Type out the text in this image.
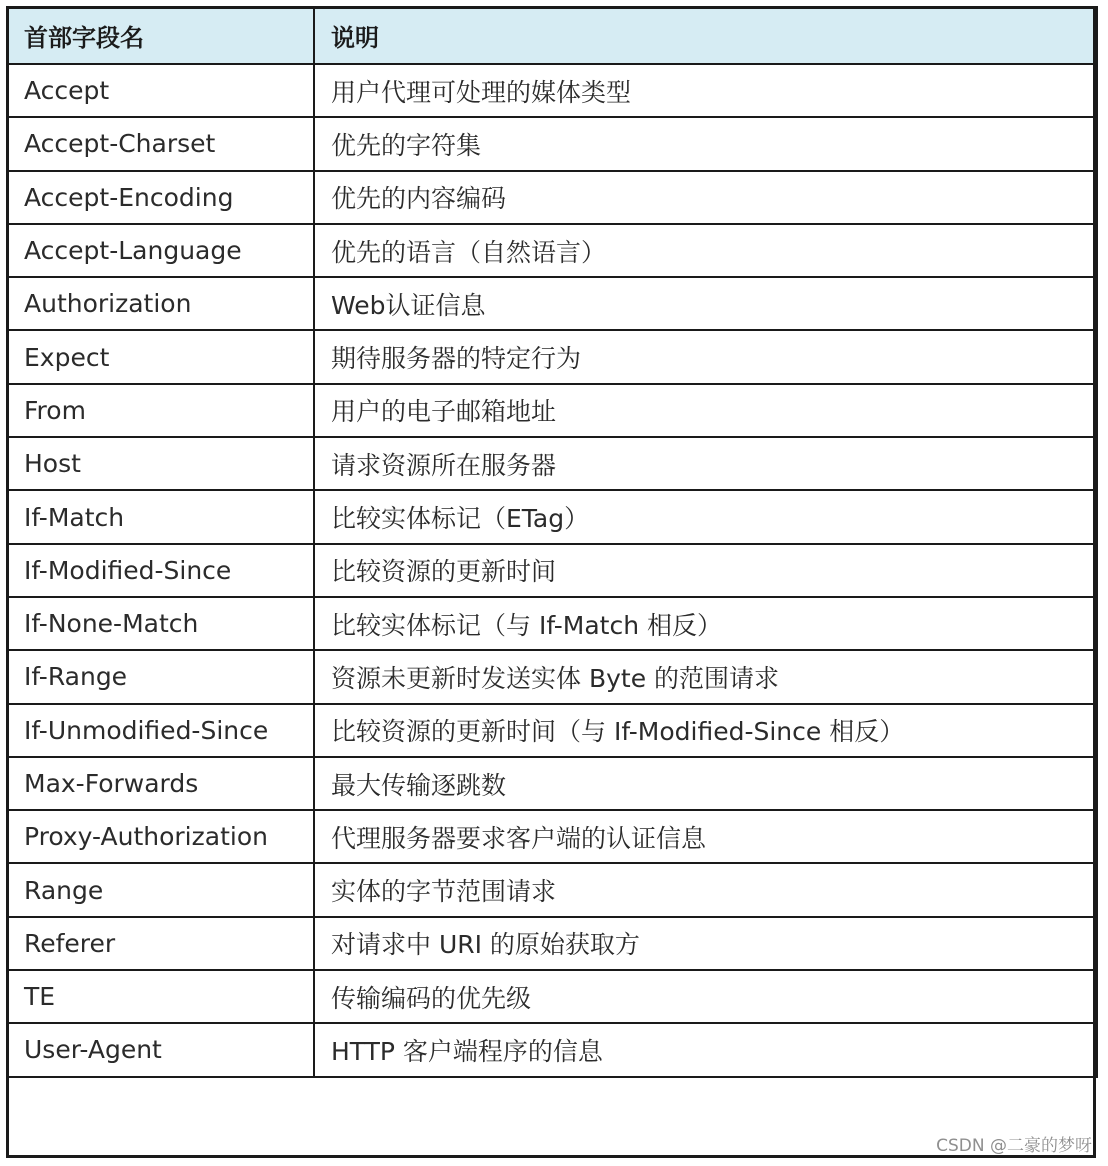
首部字段名	说明
Accept	用户代理可处理的媒体类型
Accept-Charset	优先的字符集
Accept-Encoding	优先的内容编码
Accept-Language	优先的语言（自然语言）
Authorization	Web认证信息
Expect	期待服务器的特定行为
From	用户的电子邮箱地址
Host	请求资源所在服务器
If-Match	比较实体标记（ETag）
If-Modified-Since	比较资源的更新时间
If-None-Match	比较实体标记（与 If-Match 相反）
If-Range	资源未更新时发送实体 Byte 的范围请求
If-Unmodified-Since	比较资源的更新时间（与 If-Modified-Since 相反）
Max-Forwards	最大传输逐跳数
Proxy-Authorization	代理服务器要求客户端的认证信息
Range	实体的字节范围请求
Referer	对请求中 URI 的原始获取方
TE	传输编码的优先级
User-Agent	HTTP 客户端程序的信息
CSDN @二豪的梦呀
